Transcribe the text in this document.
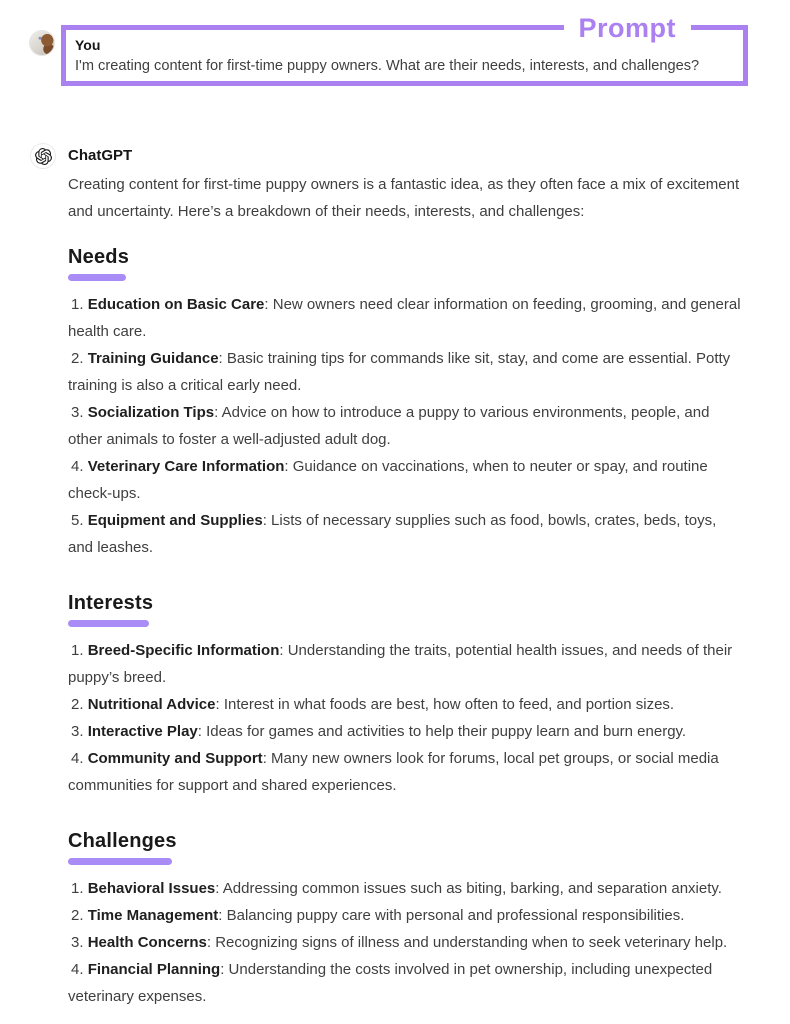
Prompt
You
I'm creating content for first-time puppy owners. What are their needs, interests, and challenges?
ChatGPT

Creating content for first-time puppy owners is a fantastic idea, as they often face a mix of excitement and uncertainty. Here’s a breakdown of their needs, interests, and challenges:

Needs

1. Education on Basic Care: New owners need clear information on feeding, grooming, and general health care.

2. Training Guidance: Basic training tips for commands like sit, stay, and come are essential. Potty training is also a critical early need.

3. Socialization Tips: Advice on how to introduce a puppy to various environments, people, and other animals to foster a well-adjusted adult dog.

4. Veterinary Care Information: Guidance on vaccinations, when to neuter or spay, and routine check-ups.

5. Equipment and Supplies: Lists of necessary supplies such as food, bowls, crates, beds, toys, and leashes.

Interests

1. Breed-Specific Information: Understanding the traits, potential health issues, and needs of their puppy’s breed.

2. Nutritional Advice: Interest in what foods are best, how often to feed, and portion sizes.

3. Interactive Play: Ideas for games and activities to help their puppy learn and burn energy.

4. Community and Support: Many new owners look for forums, local pet groups, or social media communities for support and shared experiences.

Challenges

1. Behavioral Issues: Addressing common issues such as biting, barking, and separation anxiety.

2. Time Management: Balancing puppy care with personal and professional responsibilities.

3. Health Concerns: Recognizing signs of illness and understanding when to seek veterinary help.

4. Financial Planning: Understanding the costs involved in pet ownership, including unexpected veterinary expenses.
